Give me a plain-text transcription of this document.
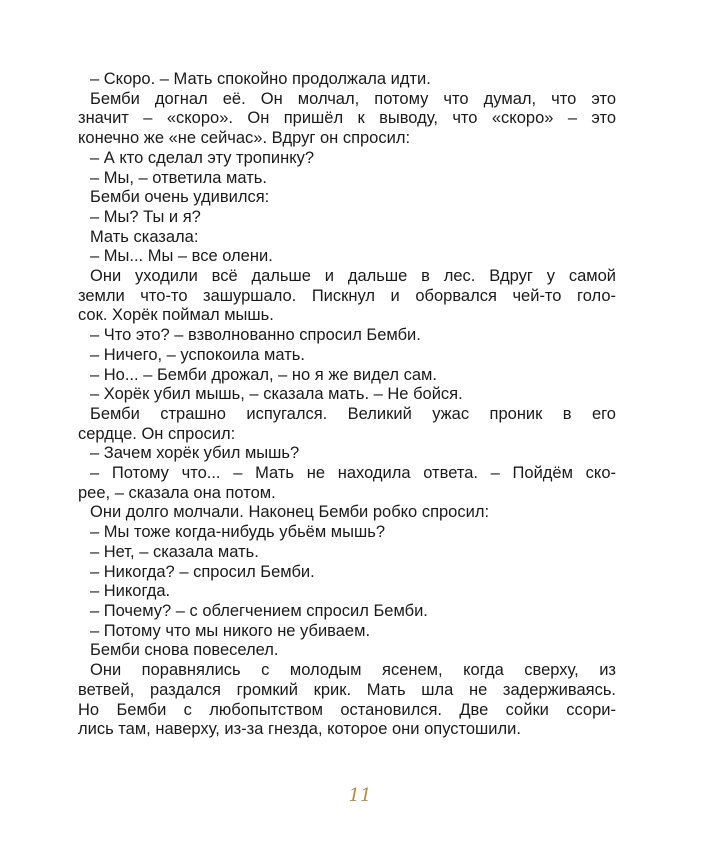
– Скоро. – Мать спокойно продолжала идти.
Бемби догнал её. Он молчал, потому что думал, что это
значит – «скоро». Он пришёл к выводу, что «скоро» – это
конечно же «не сейчас». Вдруг он спросил:
– А кто сделал эту тропинку?
– Мы, – ответила мать.
Бемби очень удивился:
– Мы? Ты и я?
Мать сказала:
– Мы... Мы – все олени.
Они уходили всё дальше и дальше в лес. Вдруг у самой
земли что-то зашуршало. Пискнул и оборвался чей-то голо-
сок. Хорёк поймал мышь.
– Что это? – взволнованно спросил Бемби.
– Ничего, – успокоила мать.
– Но... – Бемби дрожал, – но я же видел сам.
– Хорёк убил мышь, – сказала мать. – Не бойся.
Бемби страшно испугался. Великий ужас проник в его
сердце. Он спросил:
– Зачем хорёк убил мышь?
– Потому что... – Мать не находила ответа. – Пойдём ско-
рее, – сказала она потом.
Они долго молчали. Наконец Бемби робко спросил:
– Мы тоже когда-нибудь убьём мышь?
– Нет, – сказала мать.
– Никогда? – спросил Бемби.
– Никогда.
– Почему? – с облегчением спросил Бемби.
– Потому что мы никого не убиваем.
Бемби снова повеселел.
Они поравнялись с молодым ясенем, когда сверху, из
ветвей, раздался громкий крик. Мать шла не задерживаясь.
Но Бемби с любопытством остановился. Две сойки ссори-
лись там, наверху, из-за гнезда, которое они опустошили.
11
